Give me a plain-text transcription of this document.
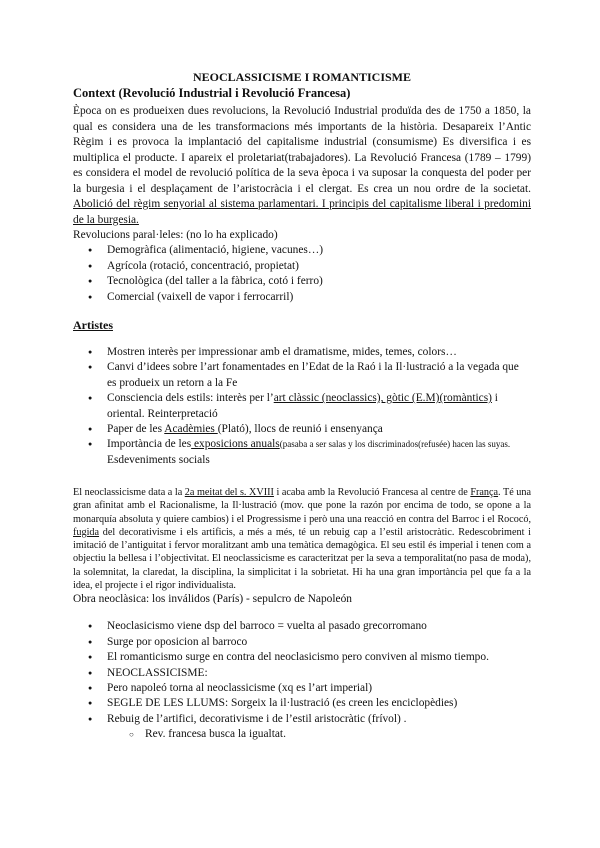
NEOCLASSICISME I ROMANTICISME

Context (Revolució Industrial i Revolució Francesa)

Època on es produeixen dues revolucions, la Revolució Industrial produïda des de 1750 a 1850, la qual es considera una de les transformacions més importants de la història. Desapareix l’Antic Règim i es provoca la implantació del capitalisme industrial (consumisme) Es diversifica i es multiplica el producte. I apareix el proletariat(trabajadores). La Revolució Francesa (1789 – 1799) es considera el model de revolució política de la seva època i va suposar la conquesta del poder per la burgesia i el desplaçament de l’aristocràcia i el clergat. Es crea un nou ordre de la societat. Abolició del règim senyorial al sistema parlamentari. I principis del capitalisme liberal i predomini de la burgesia.

Revolucions paral·leles: (no lo ha explicado)

● Demogràfica (alimentació, higiene, vacunes…)
● Agrícola (rotació, concentració, propietat)
● Tecnològica (del taller a la fàbrica, cotó i ferro)
● Comercial (vaixell de vapor i ferrocarril)

Artistes

● Mostren interès per impressionar amb el dramatisme, mides, temes, colors…
● Canvi d’idees sobre l’art fonamentades en l’Edat de la Raó i la Il·lustració a la vegada que es produeix un retorn a la Fe
● Consciencia dels estils: interès per l’art clàssic (neoclassics), gòtic (E.M)(romàntics) i oriental. Reinterpretació
● Paper de les Acadèmies (Plató), llocs de reunió i ensenyança
● Importància de les exposicions anuals(pasaba a ser salas y los discriminados(refusée) hacen las suyas. Esdeveniments socials

El neoclassicisme data a la 2a meitat del s. XVIII i acaba amb la Revolució Francesa al centre de França. Té una gran afinitat amb el Racionalisme, la Il·lustració (mov. que pone la razón por encima de todo, se opone a la monarquía absoluta y quiere cambios) i el Progressisme i però una una reacció en contra del Barroc i el Rococó, fugida del decorativisme i els artificis, a més a més, té un rebuig cap a l’estil aristocràtic. Redescobriment i imitació de l’antiguitat i fervor moralitzant amb una temàtica demagògica. El seu estil és imperial i tenen com a objectiu la bellesa i l’objectivitat. El neoclassicisme es caracteritzat per la seva a temporalitat(no pasa de moda), la solemnitat, la claredat, la disciplina, la simplicitat i la sobrietat. Hi ha una gran importància pel que fa a la idea, el projecte i el rigor individualista.

Obra neoclàsica: los inválidos (París) - sepulcro de Napoleón

● Neoclasicismo viene dsp del barroco = vuelta al pasado grecorromano
● Surge por oposicion al barroco
● El romanticismo surge en contra del neoclasicismo pero conviven al mismo tiempo.
● NEOCLASSICISME:
● Pero napoleó torna al neoclassicisme (xq es l’art imperial)
● SEGLE DE LES LLUMS: Sorgeix la il·lustració (es creen les enciclopèdies)
● Rebuig de l’artifici, decorativisme i de l’estil aristocràtic (frívol) .
○ Rev. francesa busca la igualtat.
